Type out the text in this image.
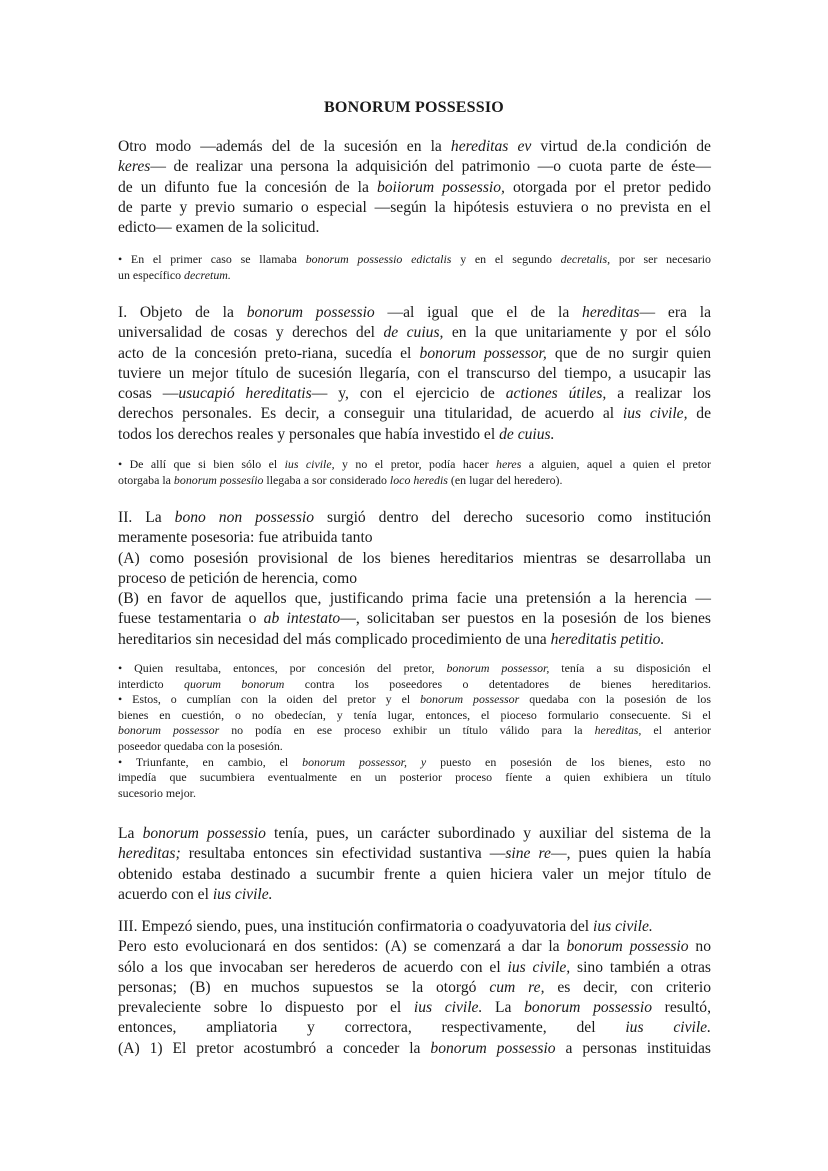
BONORUM POSSESSIO
Otro modo —además del de la sucesión en la hereditas ev virtud de.la condición de
keres— de realizar una persona la adquisición del patrimonio —o cuota parte de éste—
de un difunto fue la concesión de la boiiorum possessio, otorgada por el pretor pedido
de parte y previo sumario o especial —según la hipótesis estuviera o no prevista en el
edicto— examen de la solicitud.
• En el primer caso se llamaba bonorum possessio edictalis y en el segundo decretalis, por ser necesario
un específico decretum.
I. Objeto de la bonorum possessio —al igual que el de la hereditas— era la
universalidad de cosas y derechos del de cuius, en la que unitariamente y por el sólo
acto de la concesión preto-riana, sucedía el bonorum possessor, que de no surgir quien
tuviere un mejor título de sucesión llegaría, con el transcurso del tiempo, a usucapir las
cosas —usucapió hereditatis— y, con el ejercicio de actiones útiles, a realizar los
derechos personales. Es decir, a conseguir una titularidad, de acuerdo al ius civile, de
todos los derechos reales y personales que había investido el de cuius.
• De allí que si bien sólo el ius civile, y no el pretor, podía hacer heres a alguien, aquel a quien el pretor
otorgaba la bonorum possesíio llegaba a sor considerado loco heredis (en lugar del heredero).
II. La bono non possessio surgió dentro del derecho sucesorio como institución
meramente posesoria: fue atribuida tanto
(A) como posesión provisional de los bienes hereditarios mientras se desarrollaba un
proceso de petición de herencia, como
(B) en favor de aquellos que, justificando prima facie una pretensión a la herencia —
fuese testamentaria o ab intestato—, solicitaban ser puestos en la posesión de los bienes
hereditarios sin necesidad del más complicado procedimiento de una hereditatis petitio.
• Quien resultaba, entonces, por concesión del pretor, bonorum possessor, tenía a su disposición el
interdicto quorum bonorum contra los poseedores o detentadores de bienes hereditarios.
• Estos, o cumplían con la oiden del pretor y el bonorum possessor quedaba con la posesión de los
bienes en cuestión, o no obedecían, y tenía lugar, entonces, el pioceso formulario consecuente. Si el
bonorum possessor no podía en ese proceso exhibir un título válido para la hereditas, el anterior
poseedor quedaba con la posesión.
• Triunfante, en cambio, el bonorum possessor, y puesto en posesión de los bienes, esto no
impedía que sucumbiera eventualmente en un posterior proceso fíente a quien exhibiera un título
sucesorio mejor.
La bonorum possessio tenía, pues, un carácter subordinado y auxiliar del sistema de la
hereditas; resultaba entonces sin efectividad sustantiva —sine re—, pues quien la había
obtenido estaba destinado a sucumbir frente a quien hiciera valer un mejor título de
acuerdo con el ius civile.
III. Empezó siendo, pues, una institución confirmatoria o coadyuvatoria del ius civile.
Pero esto evolucionará en dos sentidos: (A) se comenzará a dar la bonorum possessio no
sólo a los que invocaban ser herederos de acuerdo con el ius civile, sino también a otras
personas; (B) en muchos supuestos se la otorgó cum re, es decir, con criterio
prevaleciente sobre lo dispuesto por el ius civile. La bonorum possessio resultó,
entonces, ampliatoria y correctora, respectivamente, del ius civile.
(A) 1) El pretor acostumbró a conceder la bonorum possessio a personas instituidas
